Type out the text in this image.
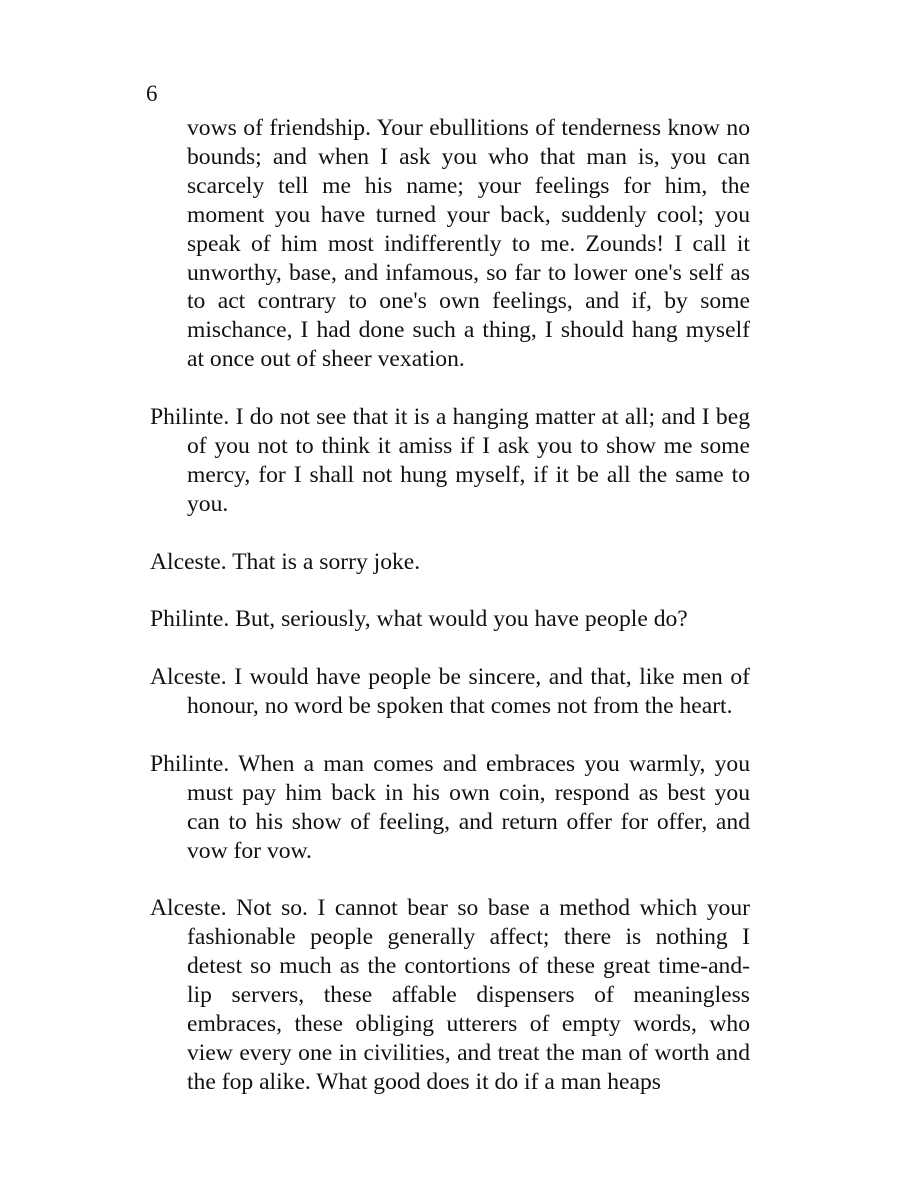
6

vows of friendship. Your ebullitions of tenderness know no bounds; and when I ask you who that man is, you can scarcely tell me his name; your feelings for him, the moment you have turned your back, suddenly cool; you speak of him most indifferently to me. Zounds! I call it unworthy, base, and infamous, so far to lower one's self as to act contrary to one's own feelings, and if, by some mischance, I had done such a thing, I should hang myself at once out of sheer vexation.

Philinte. I do not see that it is a hanging matter at all; and I beg of you not to think it amiss if I ask you to show me some mercy, for I shall not hung myself, if it be all the same to you.

Alceste. That is a sorry joke.

Philinte. But, seriously, what would you have people do?

Alceste. I would have people be sincere, and that, like men of honour, no word be spoken that comes not from the heart.

Philinte. When a man comes and embraces you warmly, you must pay him back in his own coin, respond as best you can to his show of feeling, and return offer for offer, and vow for vow.

Alceste. Not so. I cannot bear so base a method which your fashionable people generally affect; there is nothing I detest so much as the contortions of these great time-and-lip servers, these affable dispensers of meaningless embraces, these obliging utterers of empty words, who view every one in civilities, and treat the man of worth and the fop alike. What good does it do if a man heaps
